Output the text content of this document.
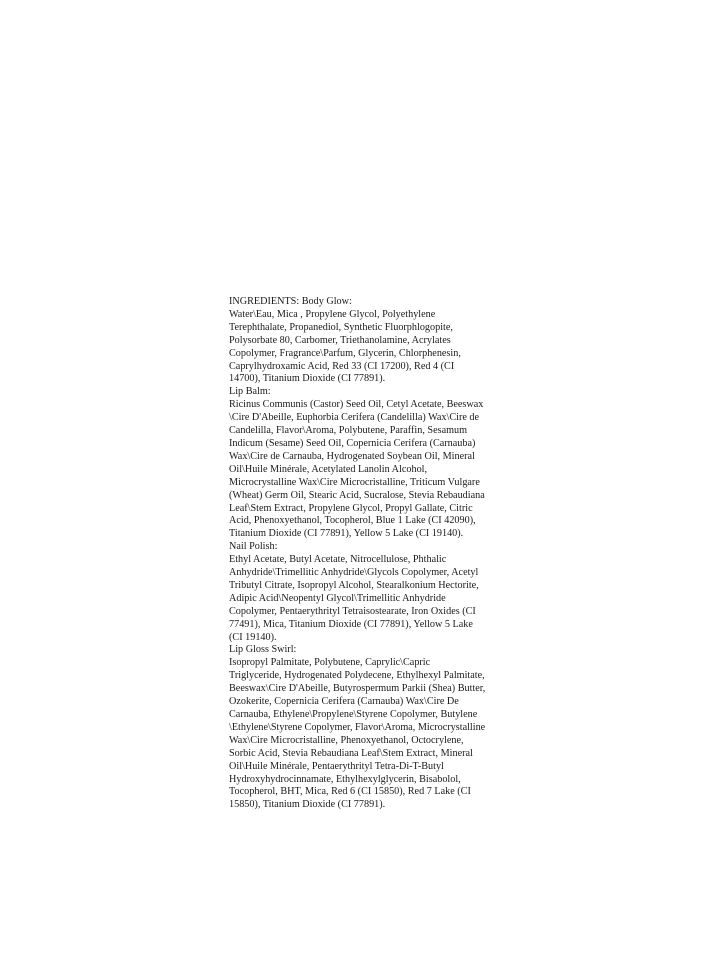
INGREDIENTS: Body Glow:
Water\Eau, Mica , Propylene Glycol, Polyethylene
Terephthalate, Propanediol, Synthetic Fluorphlogopite,
Polysorbate 80, Carbomer, Triethanolamine, Acrylates
Copolymer, Fragrance\Parfum, Glycerin, Chlorphenesin,
Caprylhydroxamic Acid, Red 33 (CI 17200), Red 4 (CI
14700), Titanium Dioxide (CI 77891).
Lip Balm:
Ricinus Communis (Castor) Seed Oil, Cetyl Acetate, Beeswax
\Cire D'Abeille, Euphorbia Cerifera (Candelilla) Wax\Cire de
Candelilla, Flavor\Aroma, Polybutene, Paraffin, Sesamum
Indicum (Sesame) Seed Oil, Copernicia Cerifera (Carnauba)
Wax\Cire de Carnauba, Hydrogenated Soybean Oil, Mineral
Oil\Huile Minérale, Acetylated Lanolin Alcohol,
Microcrystalline Wax\Cire Microcristalline, Triticum Vulgare
(Wheat) Germ Oil, Stearic Acid, Sucralose, Stevia Rebaudiana
Leaf\Stem Extract, Propylene Glycol, Propyl Gallate, Citric
Acid, Phenoxyethanol, Tocopherol, Blue 1 Lake (CI 42090),
Titanium Dioxide (CI 77891), Yellow 5 Lake (CI 19140).
Nail Polish:
Ethyl Acetate, Butyl Acetate, Nitrocellulose, Phthalic
Anhydride\Trimellitic Anhydride\Glycols Copolymer, Acetyl
Tributyl Citrate, Isopropyl Alcohol, Stearalkonium Hectorite,
Adipic Acid\Neopentyl Glycol\Trimellitic Anhydride
Copolymer, Pentaerythrityl Tetraisostearate, Iron Oxides (CI
77491), Mica, Titanium Dioxide (CI 77891), Yellow 5 Lake
(CI 19140).
Lip Gloss Swirl:
Isopropyl Palmitate, Polybutene, Caprylic\Capric
Triglyceride, Hydrogenated Polydecene, Ethylhexyl Palmitate,
Beeswax\Cire D'Abeille, Butyrospermum Parkii (Shea) Butter,
Ozokerite, Copernicia Cerifera (Carnauba) Wax\Cire De
Carnauba, Ethylene\Propylene\Styrene Copolymer, Butylene
\Ethylene\Styrene Copolymer, Flavor\Aroma, Microcrystalline
Wax\Cire Microcristalline, Phenoxyethanol, Octocrylene,
Sorbic Acid, Stevia Rebaudiana Leaf\Stem Extract, Mineral
Oil\Huile Minérale, Pentaerythrityl Tetra-Di-T-Butyl
Hydroxyhydrocinnamate, Ethylhexylglycerin, Bisabolol,
Tocopherol, BHT, Mica, Red 6 (CI 15850), Red 7 Lake (CI
15850), Titanium Dioxide (CI 77891).
